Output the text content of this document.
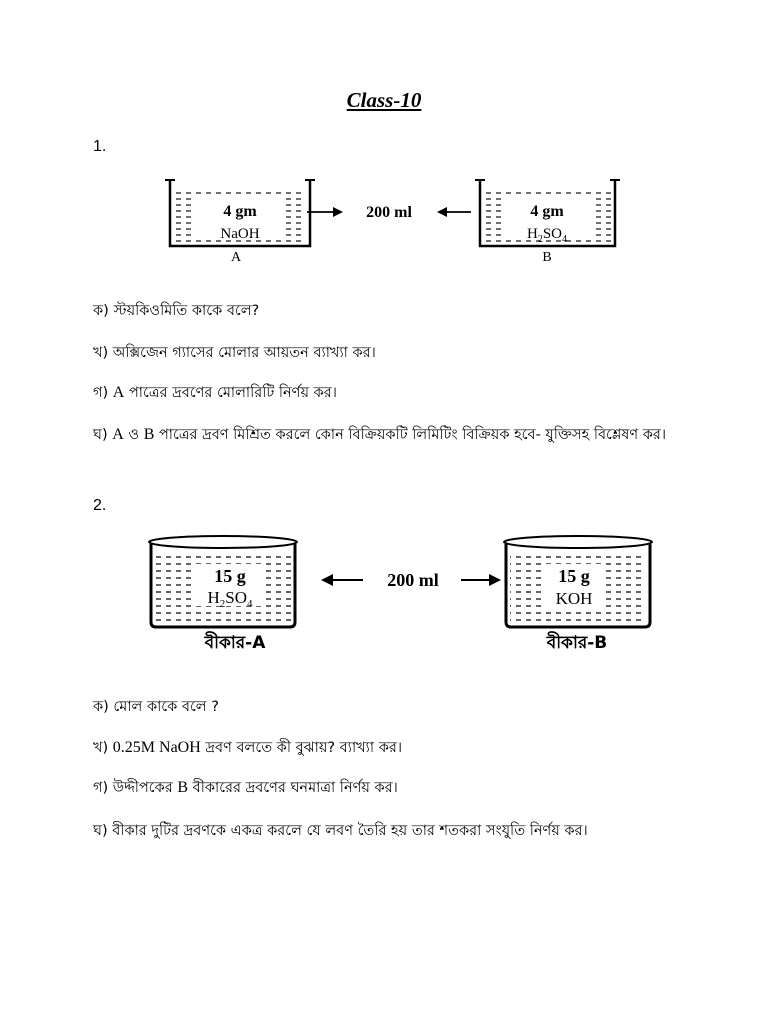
Class-10
1.
4 gm
NaOH
A
200 ml	4 gm
$H_2SO_4$
B
ক) স্টয়কিওমিতি কাকে বলে?
খ) অক্সিজেন গ্যাসের মোলার আয়তন ব্যাখ্যা কর।
গ) A পাত্রের দ্রবণের মোলারিটি নির্ণয় কর।
ঘ) A ও B পাত্রের দ্রবণ মিশ্রিত করলে কোন বিক্রিয়কটি লিমিটিং বিক্রিয়ক হবে- যুক্তিসহ বিশ্লেষণ কর।
2.
15 g
$H_2SO_4$
বীকার-A
200 ml	15 g
KOH
বীকার-B
ক) মোল কাকে বলে ?
খ) 0.25M NaOH দ্রবণ বলতে কী বুঝায়? ব্যাখ্যা কর।
গ) উদ্দীপকের B বীকারের দ্রবণের ঘনমাত্রা নির্ণয় কর।
ঘ) বীকার দুটির দ্রবণকে একত্র করলে যে লবণ তৈরি হয় তার শতকরা সংযুতি নির্ণয় কর।
